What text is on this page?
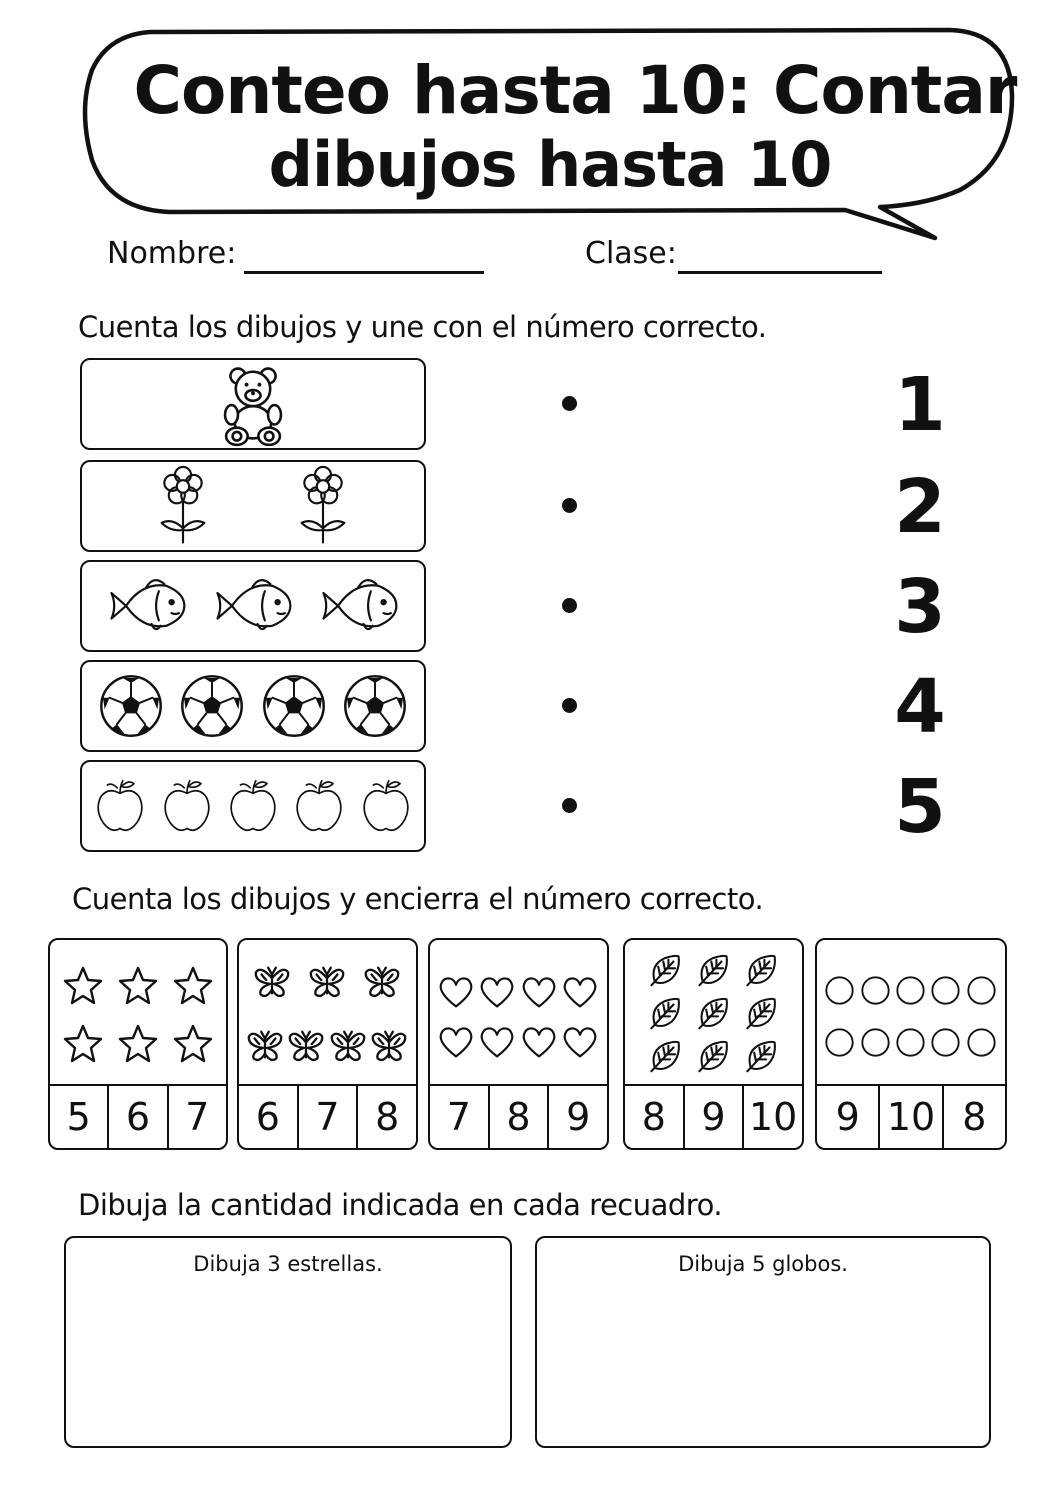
Conteo hasta 10: Contar
dibujos hasta 10
Nombre:	Clase:
Cuenta los dibujos y une con el número correcto.
1
2
3
4
5
Cuenta los dibujos y encierra el número correcto.
5 6 7	6 7 8	7 8 9	8 9 10	9 10 8
Dibuja la cantidad indicada en cada recuadro.
Dibuja 3 estrellas.	Dibuja 5 globos.
